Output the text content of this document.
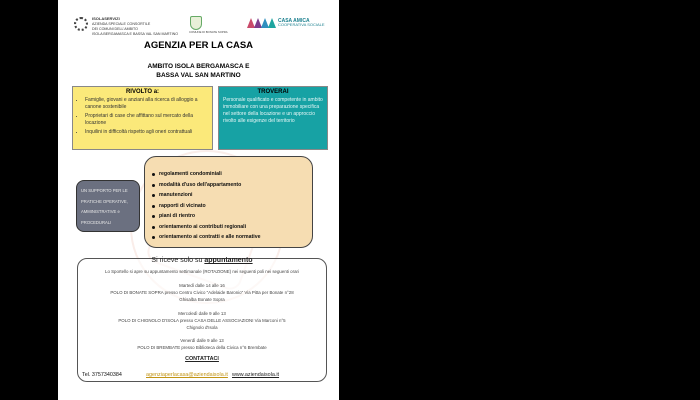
ISOLASERVIZI
AZIENDA SPECIALE CONSORTILE
DEI COMUNI DELL'AMBITO
ISOLA BERGAMASCA E BASSA VAL SAN MARTINO	COMUNE DI BONATE SOPRA
CASA AMICA
COOPERATIVA SOCIALE
AGENZIA PER LA CASA
AMBITO ISOLA BERGAMASCA E
BASSA VAL SAN MARTINO
RIVOLTO a:
• Famiglie, giovani e anziani alla ricerca di alloggio a canone sostenibile
• Proprietari di case che affittano sul mercato della locazione
• Inquilini in difficoltà rispetto agli oneri contrattuali
TROVERAI
Personale qualificato e competente in ambito immobiliare con una preparazione specifica nel settore della locazione e un approccio rivolto alle esigenze del territorio
regolamenti condominiali
modalità d'uso dell'appartamento
manutenzioni
rapporti di vicinato
piani di rientro
orientamento ai contributi regionali
orientamento ai contratti e alle normative
UN SUPPORTO PER LE
PRATICHE OPERATIVE,
AMMINISTRATIVE e
PROCEDURALI
Si riceve solo su appuntamento
Lo Sportello si apre su appuntamento settimanale (ROTAZIONE) nei seguenti poli nei seguenti orari
Martedì dalle 14 alle 16
POLO DI BONATE SOPRA presso Centro Civico "Adelaide Baronio" Via Pitta per Bonate n°28
Ghisalba Bonate Sopra
Mercoledì dalle 9 alle 13
POLO DI CHIGNOLO D'ISOLA presso CASA DELLE ASSOCIAZIONI Via Marconi n°5
Chignolo d'Isola
Venerdì dalle 9 alle 13
POLO DI BREMBATE presso Biblioteca della Civica n°6 Brembate
CONTATTACI
Tel. 3757340384	agenziaperlacasa@aziendaisola.it www.aziendaisola.it
